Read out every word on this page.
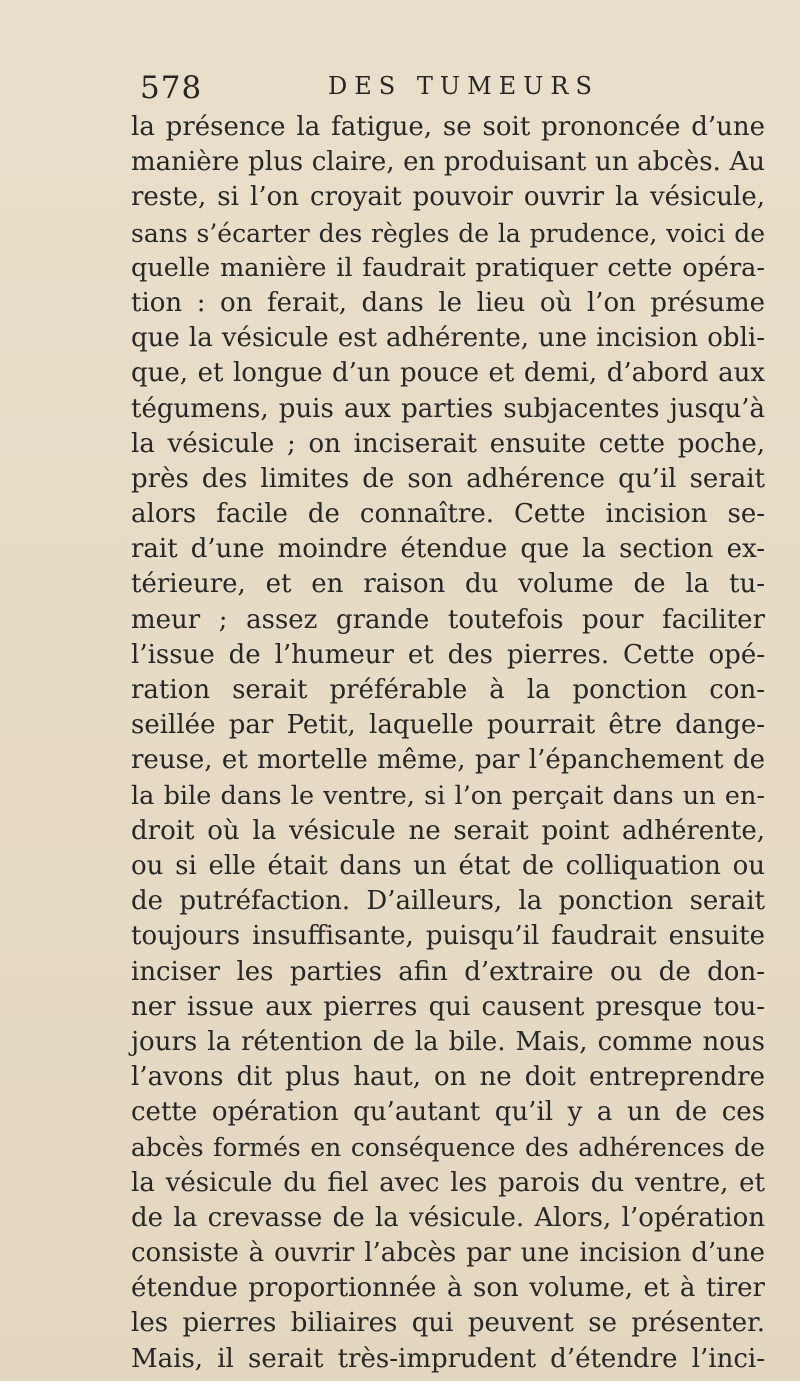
578	DES TUMEURS
la présence la fatigue, se soit prononcée d’une
manière plus claire, en produisant un abcès. Au
reste, si l’on croyait pouvoir ouvrir la vésicule,
sans s’écarter des règles de la prudence, voici de
quelle manière il faudrait pratiquer cette opéra-
tion : on ferait, dans le lieu où l’on présume
que la vésicule est adhérente, une incision obli-
que, et longue d’un pouce et demi, d’abord aux
tégumens, puis aux parties subjacentes jusqu’à
la vésicule ; on inciserait ensuite cette poche,
près des limites de son adhérence qu’il serait
alors facile de connaître. Cette incision se-
rait d’une moindre étendue que la section ex-
térieure, et en raison du volume de la tu-
meur ; assez grande toutefois pour faciliter
l’issue de l’humeur et des pierres. Cette opé-
ration serait préférable à la ponction con-
seillée par Petit, laquelle pourrait être dange-
reuse, et mortelle même, par l’épanchement de
la bile dans le ventre, si l’on perçait dans un en-
droit où la vésicule ne serait point adhérente,
ou si elle était dans un état de colliquation ou
de putréfaction. D’ailleurs, la ponction serait
toujours insuffisante, puisqu’il faudrait ensuite
inciser les parties afin d’extraire ou de don-
ner issue aux pierres qui causent presque tou-
jours la rétention de la bile. Mais, comme nous
l’avons dit plus haut, on ne doit entreprendre
cette opération qu’autant qu’il y a un de ces
abcès formés en conséquence des adhérences de
la vésicule du fiel avec les parois du ventre, et
de la crevasse de la vésicule. Alors, l’opération
consiste à ouvrir l’abcès par une incision d’une
étendue proportionnée à son volume, et à tirer
les pierres biliaires qui peuvent se présenter.
Mais, il serait très-imprudent d’étendre l’inci-
